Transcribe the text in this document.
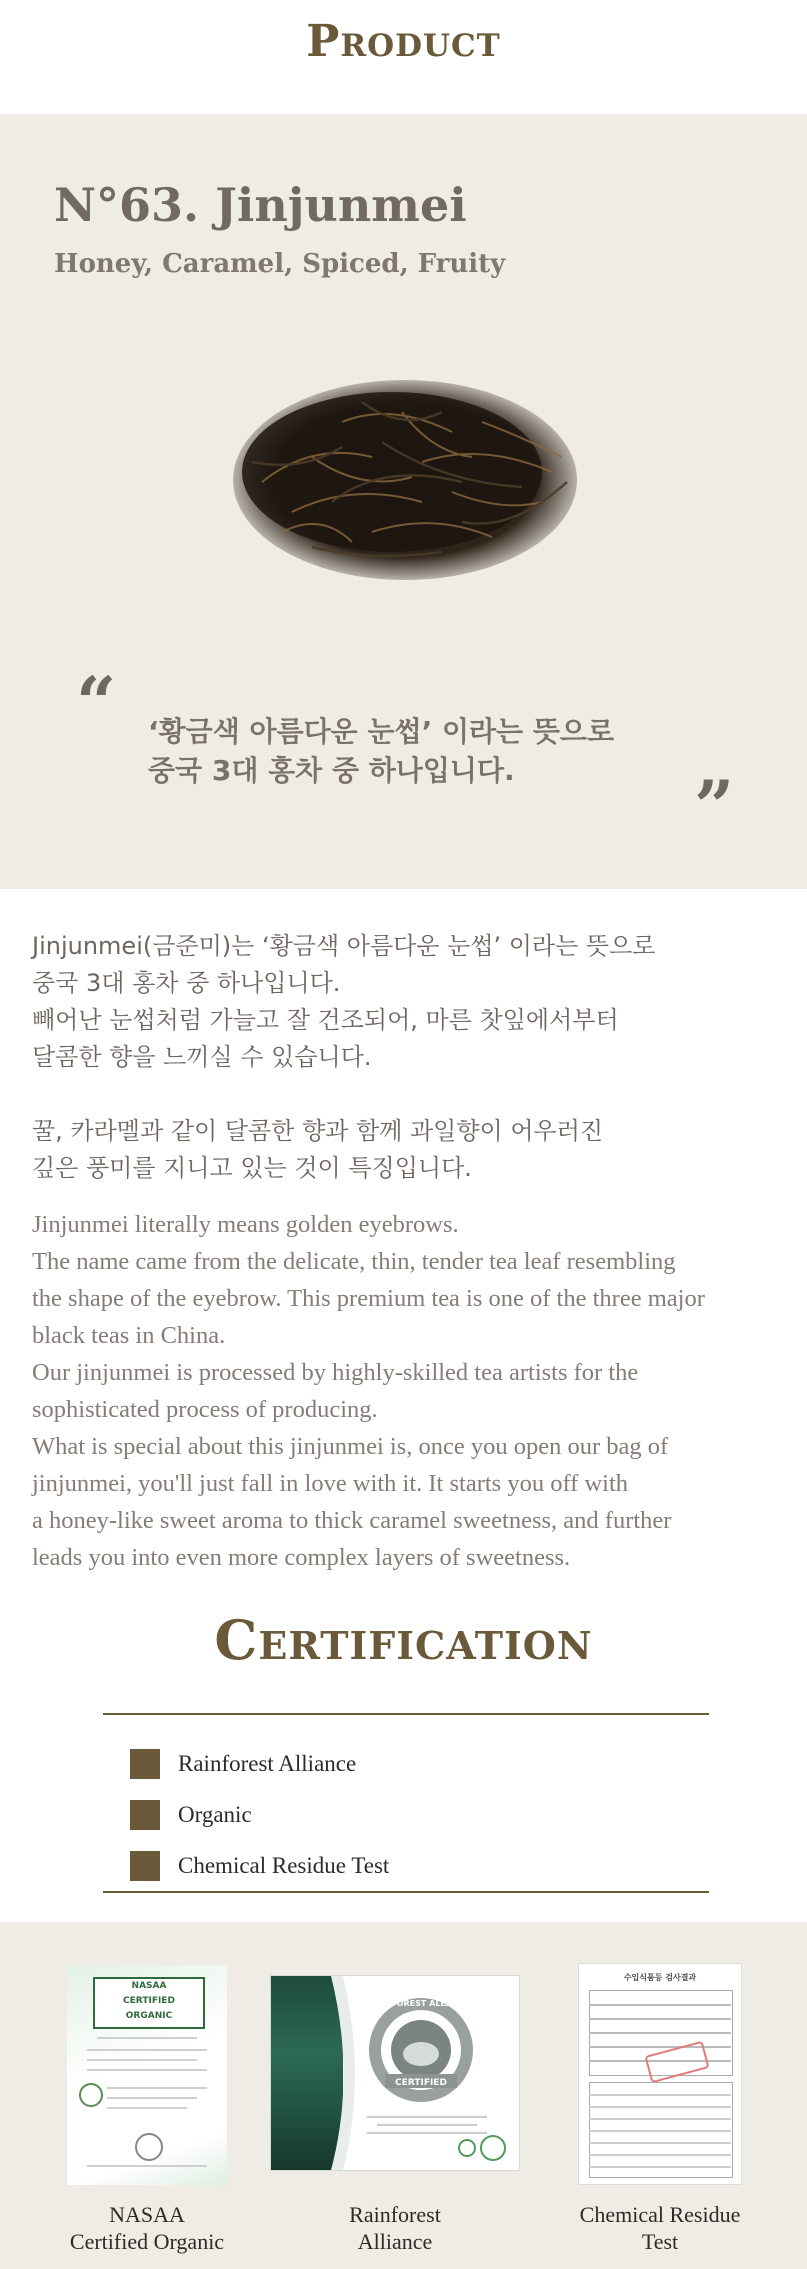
Product
N°63. Jinjunmei

Honey, Caramel, Spiced, Fruity

“ ‘황금색 아름다운 눈썹’ 이라는 뜻으로
중국 3대 홍차 중 하나입니다.	”
Jinjunmei(금준미)는 ‘황금색 아름다운 눈썹’ 이라는 뜻으로
중국 3대 홍차 중 하나입니다.
빼어난 눈썹처럼 가늘고 잘 건조되어, 마른 찻잎에서부터
달콤한 향을 느끼실 수 있습니다.
꿀, 카라멜과 같이 달콤한 향과 함께 과일향이 어우러진
깊은 풍미를 지니고 있는 것이 특징입니다.
Jinjunmei literally means golden eyebrows.
The name came from the delicate, thin, tender tea leaf resembling
the shape of the eyebrow. This premium tea is one of the three major
black teas in China.
Our jinjunmei is processed by highly-skilled tea artists for the
sophisticated process of producing.
What is special about this jinjunmei is, once you open our bag of
jinjunmei, you'll just fall in love with it. It starts you off with
a honey-like sweet aroma to thick caramel sweetness, and further
leads you into even more complex layers of sweetness.
Certification
Rainforest Alliance
Organic
Chemical Residue Test
NASAA
CERTIFIED
ORGANIC
CERTIFIED
RAINFOREST ALLIANCE
수입식품등 검사결과
NASAA
Certified Organic
Rainforest
Alliance
Chemical Residue
Test
